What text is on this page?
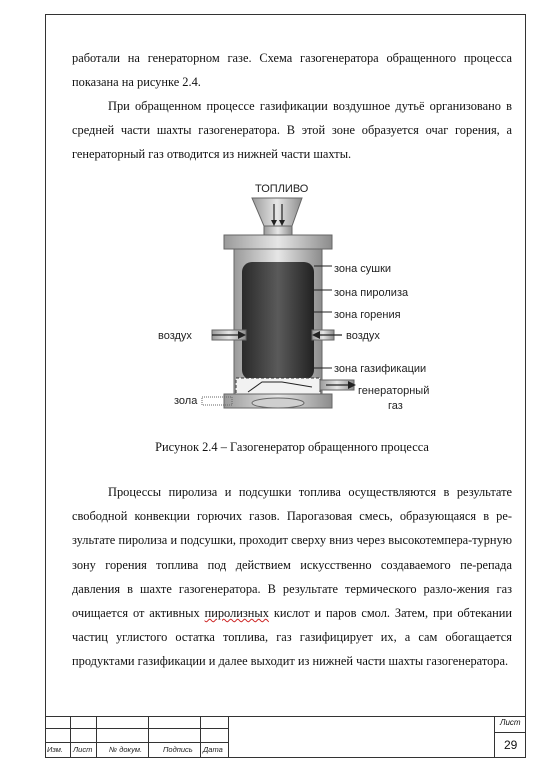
работали на генераторном газе. Схема газогенератора обращенного процесса показана на рисунке 2.4.

При обращенном процессе газификации воздушное дутьё организовано в средней части шахты газогенератора. В этой зоне образуется очаг горения, а генераторный газ отводится из нижней части шахты.

ТОПЛИВО
зона сушки
зона пиролиза
зона горения
воздух	воздух
зона газификации
генераторный
газ
зола
Рисунок 2.4 – Газогенератор обращенного процесса

Процессы пиролиза и подсушки топлива осуществляются в результате свободной конвекции горючих газов. Парогазовая смесь, образующаяся в ре-зультате пиролиза и подсушки, проходит сверху вниз через высокотемпера-турную зону горения топлива под действием искусственно создаваемого пе-репада давления в шахте газогенератора. В результате термического разло-жения газ очищается от активных пиролизных кислот и паров смол. Затем, при обтекании частиц углистого остатка топлива, газ газифицирует их, а сам обогащается продуктами газификации и далее выходит из нижней части шахты газогенератора.

Изм. Лист № докум.	Подпись Дата
Лист
29
